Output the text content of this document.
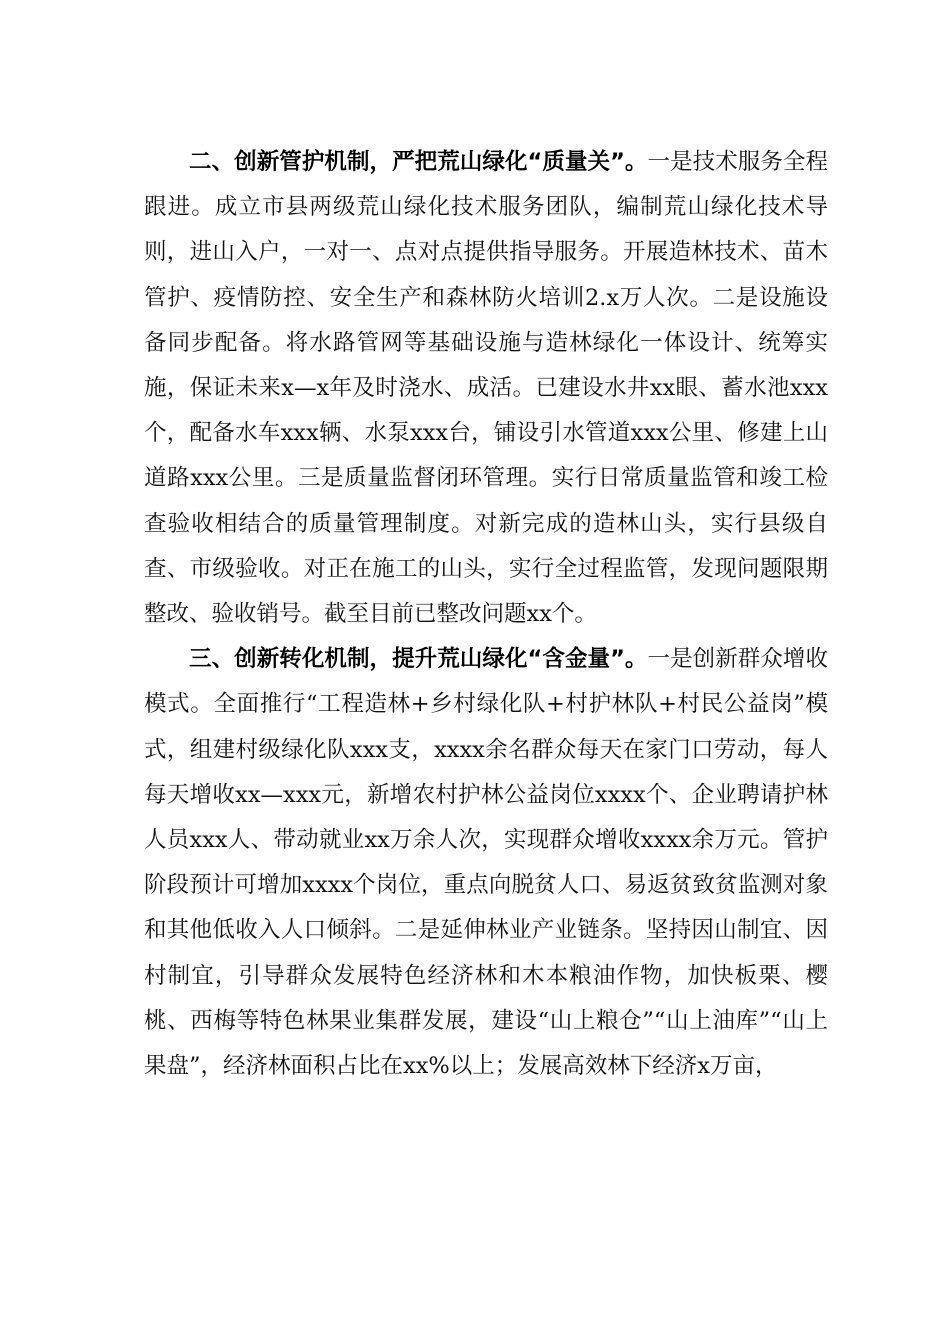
二、创新管护机制，严把荒山绿化“质量关”。一是技术服务全程跟进。成立市县两级荒山绿化技术服务团队，编制荒山绿化技术导则，进山入户，一对一、点对点提供指导服务。开展造林技术、苗木管护、疫情防控、安全生产和森林防火培训2.x万人次。二是设施设备同步配备。将水路管网等基础设施与造林绿化一体设计、统筹实施，保证未来x—x年及时浇水、成活。已建设水井xx眼、蓄水池xxx个，配备水车xxx辆、水泵xxx台，铺设引水管道xxx公里、修建上山道路xxx公里。三是质量监督闭环管理。实行日常质量监管和竣工检查验收相结合的质量管理制度。对新完成的造林山头，实行县级自查、市级验收。对正在施工的山头，实行全过程监管，发现问题限期整改、验收销号。截至目前已整改问题xx个。

三、创新转化机制，提升荒山绿化“含金量”。一是创新群众增收模式。全面推行“工程造林+乡村绿化队+村护林队+村民公益岗”模式，组建村级绿化队xxx支，xxxx余名群众每天在家门口劳动，每人每天增收xx—xxx元，新增农村护林公益岗位xxxx个、企业聘请护林人员xxx人、带动就业xx万余人次，实现群众增收xxxx余万元。管护阶段预计可增加xxxx个岗位，重点向脱贫人口、易返贫致贫监测对象和其他低收入人口倾斜。二是延伸林业产业链条。坚持因山制宜、因村制宜，引导群众发展特色经济林和木本粮油作物，加快板栗、樱桃、西梅等特色林果业集群发展，建设“山上粮仓”“山上油库”“山上果盘”，经济林面积占比在xx%以上；发展高效林下经济x万亩，
